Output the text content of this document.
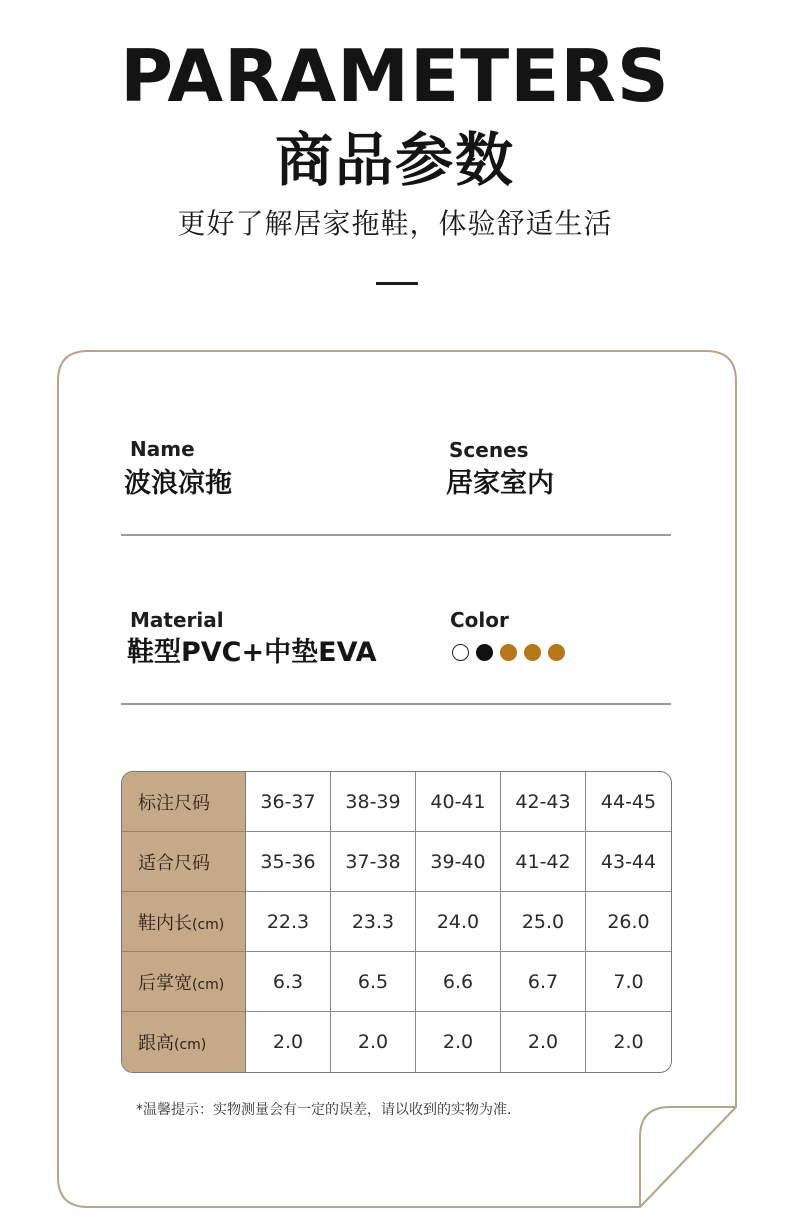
PARAMETERS
商品参数
更好了解居家拖鞋，体验舒适生活
Name
波浪凉拖
Scenes
居家室内
Material
鞋型PVC+中垫EVA
Color
标注尺码	36-37	38-39	40-41	42-43	44-45
适合尺码	35-36	37-38	39-40	41-42	43-44
鞋内长(cm)	22.3	23.3	24.0	25.0	26.0
后掌宽(cm)	6.3	6.5	6.6	6.7	7.0
跟高(cm)	2.0	2.0	2.0	2.0	2.0
*温馨提示：实物测量会有一定的误差，请以收到的实物为准.
